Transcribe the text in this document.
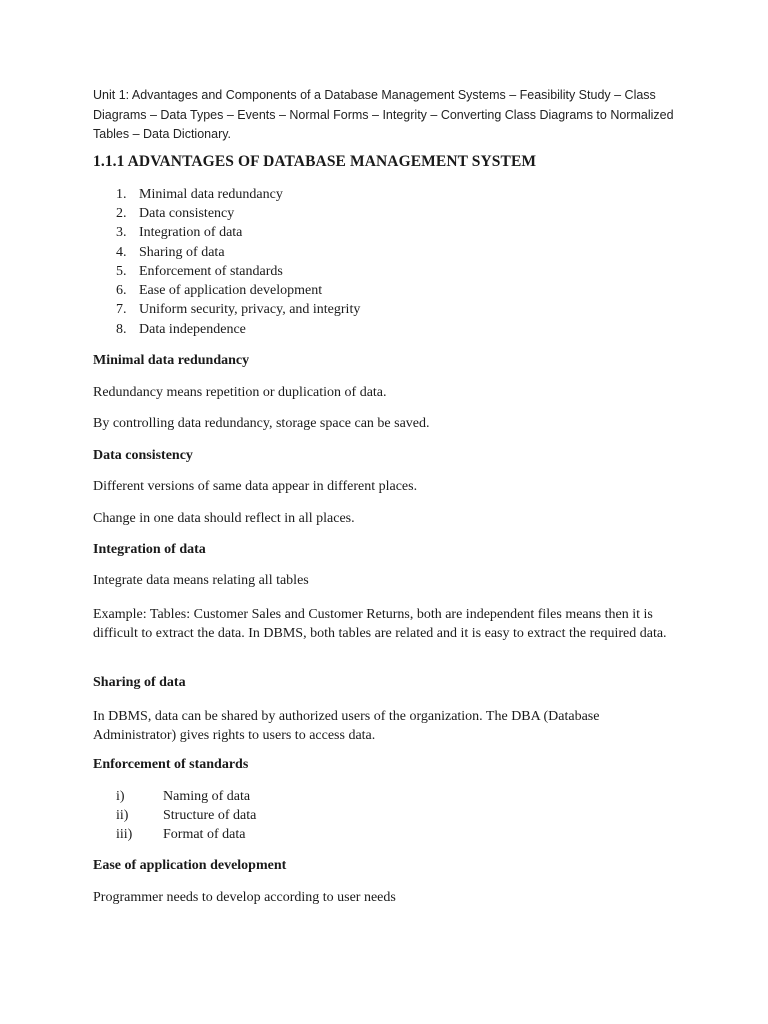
Unit 1: Advantages and Components of a Database Management Systems – Feasibility Study – Class Diagrams – Data Types – Events – Normal Forms – Integrity – Converting Class Diagrams to Normalized Tables – Data Dictionary.
1.1.1 ADVANTAGES OF DATABASE MANAGEMENT SYSTEM
1. Minimal data redundancy
2. Data consistency
3. Integration of data
4. Sharing of data
5. Enforcement of standards
6. Ease of application development
7. Uniform security, privacy, and integrity
8. Data independence
Minimal data redundancy
Redundancy means repetition or duplication of data.
By controlling data redundancy, storage space can be saved.
Data consistency
Different versions of same data appear in different places.
Change in one data should reflect in all places.
Integration of data
Integrate data means relating all tables
Example: Tables: Customer Sales and Customer Returns, both are independent files means then it is difficult to extract the data. In DBMS, both tables are related and it is easy to extract the required data.
Sharing of data
In DBMS, data can be shared by authorized users of the organization. The DBA (Database Administrator) gives rights to users to access data.
Enforcement of standards
i)	Naming of data
ii) Structure of data
iii) Format of data
Ease of application development
Programmer needs to develop according to user needs
